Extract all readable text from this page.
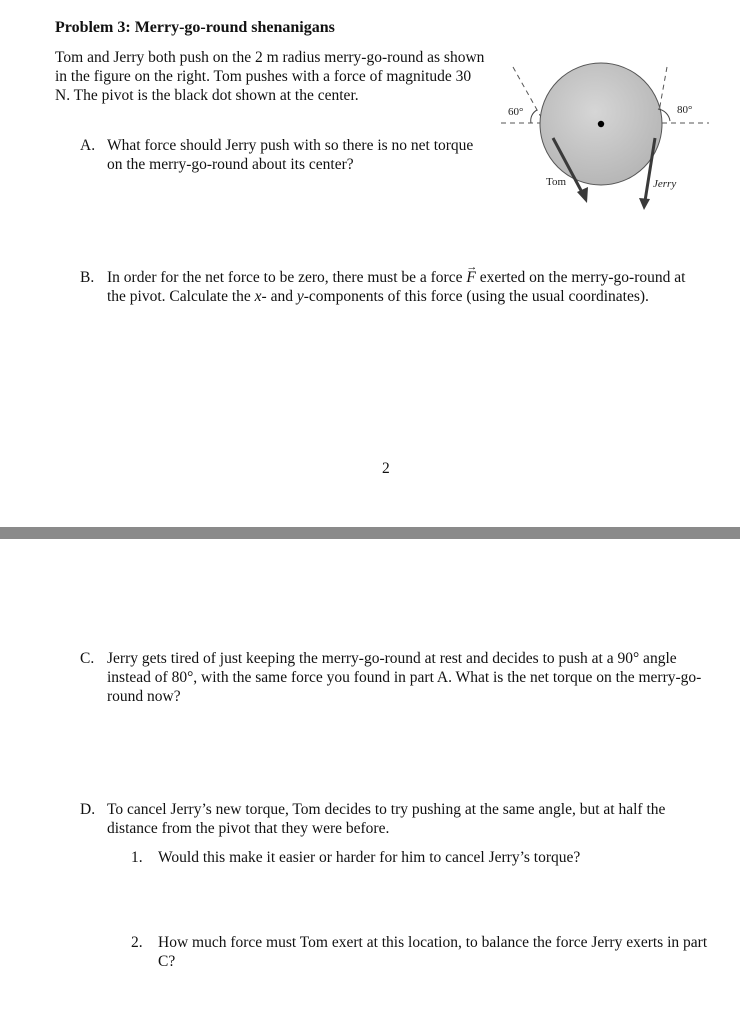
Problem 3: Merry-go-round shenanigans
Tom and Jerry both push on the 2 m radius merry-go-round as shown in the figure on the right. Tom pushes with a force of magnitude 30 N. The pivot is the black dot shown at the center.
60°	80°
Tom	Jerry
A. What force should Jerry push with so there is no net torque on the merry-go-round about its center?
B. In order for the net force to be zero, there must be a force
→
F exerted on the merry-go-round at the pivot. Calculate the x- and y-components of this force (using the usual coordinates).
2
C. Jerry gets tired of just keeping the merry-go-round at rest and decides to push at a 90° angle instead of 80°, with the same force you found in part A. What is the net torque on the merry-go-round now?
D. To cancel Jerry’s new torque, Tom decides to try pushing at the same angle, but at half the distance from the pivot that they were before.
1. Would this make it easier or harder for him to cancel Jerry’s torque?
2. How much force must Tom exert at this location, to balance the force Jerry exerts in part C?
